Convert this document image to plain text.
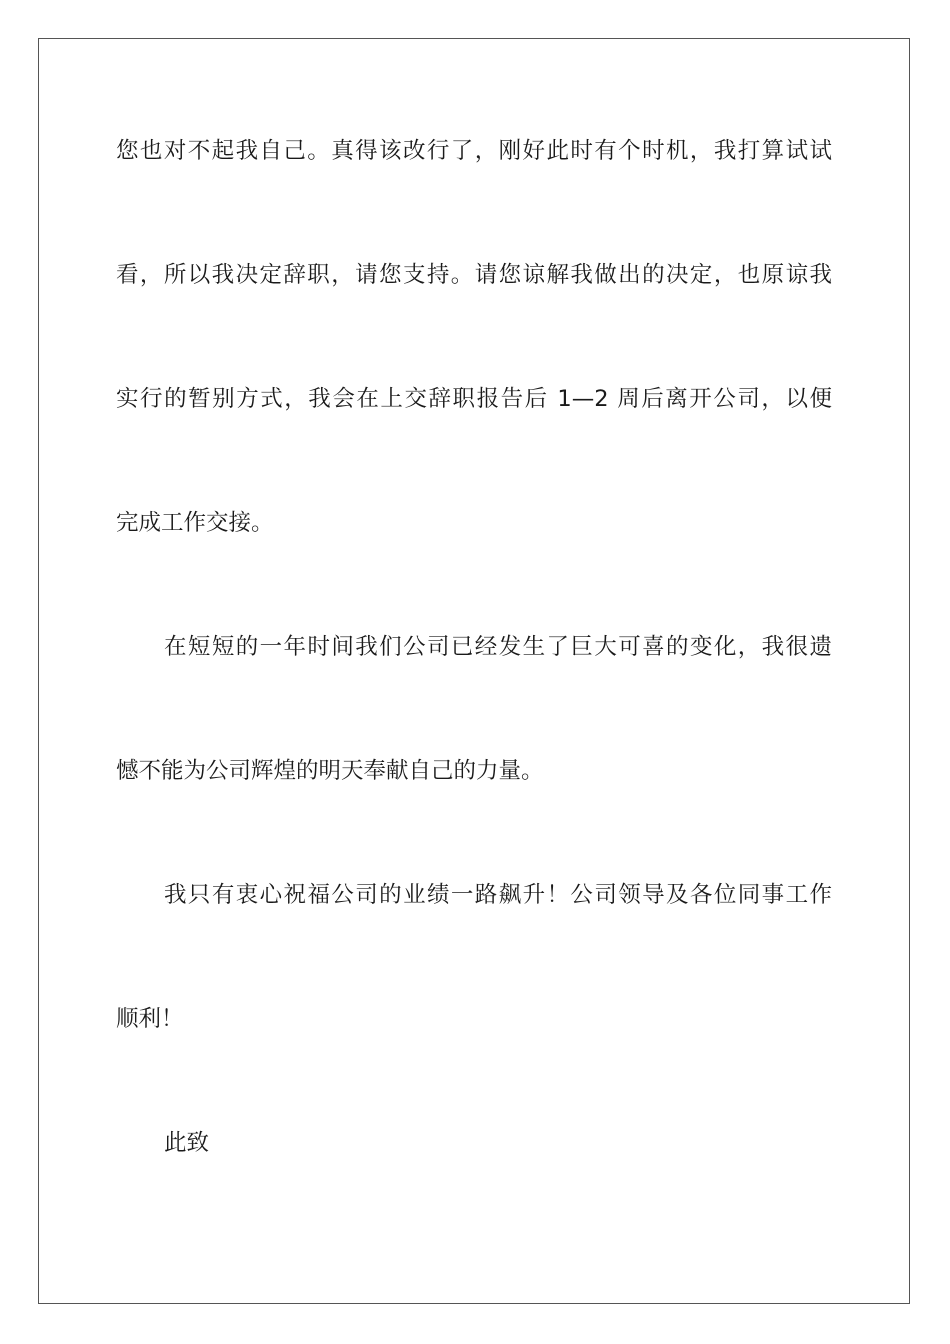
您也对不起我自己。真得该改行了，刚好此时有个时机，我打算试试
看，所以我决定辞职，请您支持。请您谅解我做出的决定，也原谅我
实行的暂别方式，我会在上交辞职报告后 1—2 周后离开公司，以便
完成工作交接。
在短短的一年时间我们公司已经发生了巨大可喜的变化，我很遗
憾不能为公司辉煌的明天奉献自己的力量。
我只有衷心祝福公司的业绩一路飙升！公司领导及各位同事工作
顺利！
此致
